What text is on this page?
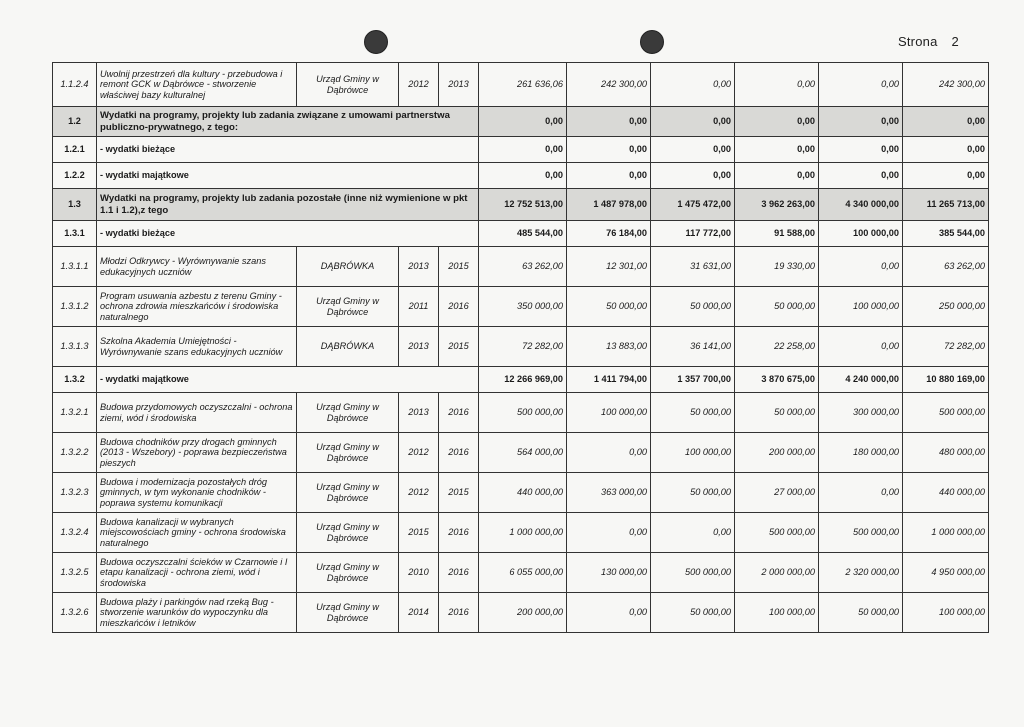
Strona 2
1.1.2.4	Uwolnij przestrzeń dla kultury - przebudowa i remont GCK w Dąbrówce - stworzenie właściwej bazy kulturalnej	Urząd Gminy w Dąbrówce	2012	2013	261 636,06	242 300,00	0,00	0,00	0,00	242 300,00
1.2	Wydatki na programy, projekty lub zadania związane z umowami partnerstwa publiczno-prywatnego, z tego:				0,00	0,00	0,00	0,00	0,00	0,00
1.2.1	- wydatki bieżące				0,00	0,00	0,00	0,00	0,00	0,00
1.2.2	- wydatki majątkowe				0,00	0,00	0,00	0,00	0,00	0,00
1.3	Wydatki na programy, projekty lub zadania pozostałe (inne niż wymienione w pkt 1.1 i 1.2),z tego				12 752 513,00	1 487 978,00	1 475 472,00	3 962 263,00	4 340 000,00	11 265 713,00
1.3.1	- wydatki bieżące				485 544,00	76 184,00	117 772,00	91 588,00	100 000,00	385 544,00
1.3.1.1	Młodzi Odkrywcy - Wyrównywanie szans edukacyjnych uczniów	DĄBRÓWKA	2013	2015	63 262,00	12 301,00	31 631,00	19 330,00	0,00	63 262,00
1.3.1.2	Program usuwania azbestu z terenu Gminy - ochrona zdrowia mieszkańców i środowiska naturalnego	Urząd Gminy w Dąbrówce	2011	2016	350 000,00	50 000,00	50 000,00	50 000,00	100 000,00	250 000,00
1.3.1.3	Szkolna Akademia Umiejętności - Wyrównywanie szans edukacyjnych uczniów	DĄBRÓWKA	2013	2015	72 282,00	13 883,00	36 141,00	22 258,00	0,00	72 282,00
1.3.2	- wydatki majątkowe				12 266 969,00	1 411 794,00	1 357 700,00	3 870 675,00	4 240 000,00	10 880 169,00
1.3.2.1	Budowa przydomowych oczyszczalni - ochrona ziemi, wód i środowiska	Urząd Gminy w Dąbrówce	2013	2016	500 000,00	100 000,00	50 000,00	50 000,00	300 000,00	500 000,00
1.3.2.2	Budowa chodników przy drogach gminnych (2013 - Wszebory) - poprawa bezpieczeństwa pieszych	Urząd Gminy w Dąbrówce	2012	2016	564 000,00	0,00	100 000,00	200 000,00	180 000,00	480 000,00
1.3.2.3	Budowa i modernizacja pozostałych dróg gminnych, w tym wykonanie chodników - poprawa systemu komunikacji	Urząd Gminy w Dąbrówce	2012	2015	440 000,00	363 000,00	50 000,00	27 000,00	0,00	440 000,00
1.3.2.4	Budowa kanalizacji w wybranych miejscowościach gminy - ochrona środowiska naturalnego	Urząd Gminy w Dąbrówce	2015	2016	1 000 000,00	0,00	0,00	500 000,00	500 000,00	1 000 000,00
1.3.2.5	Budowa oczyszczalni ścieków w Czarnowie i I etapu kanalizacji - ochrona ziemi, wód i środowiska	Urząd Gminy w Dąbrówce	2010	2016	6 055 000,00	130 000,00	500 000,00	2 000 000,00	2 320 000,00	4 950 000,00
1.3.2.6	Budowa plaży i parkingów nad rzeką Bug - stworzenie warunków do wypoczynku dla mieszkańców i letników	Urząd Gminy w Dąbrówce	2014	2016	200 000,00	0,00	50 000,00	100 000,00	50 000,00	100 000,00
